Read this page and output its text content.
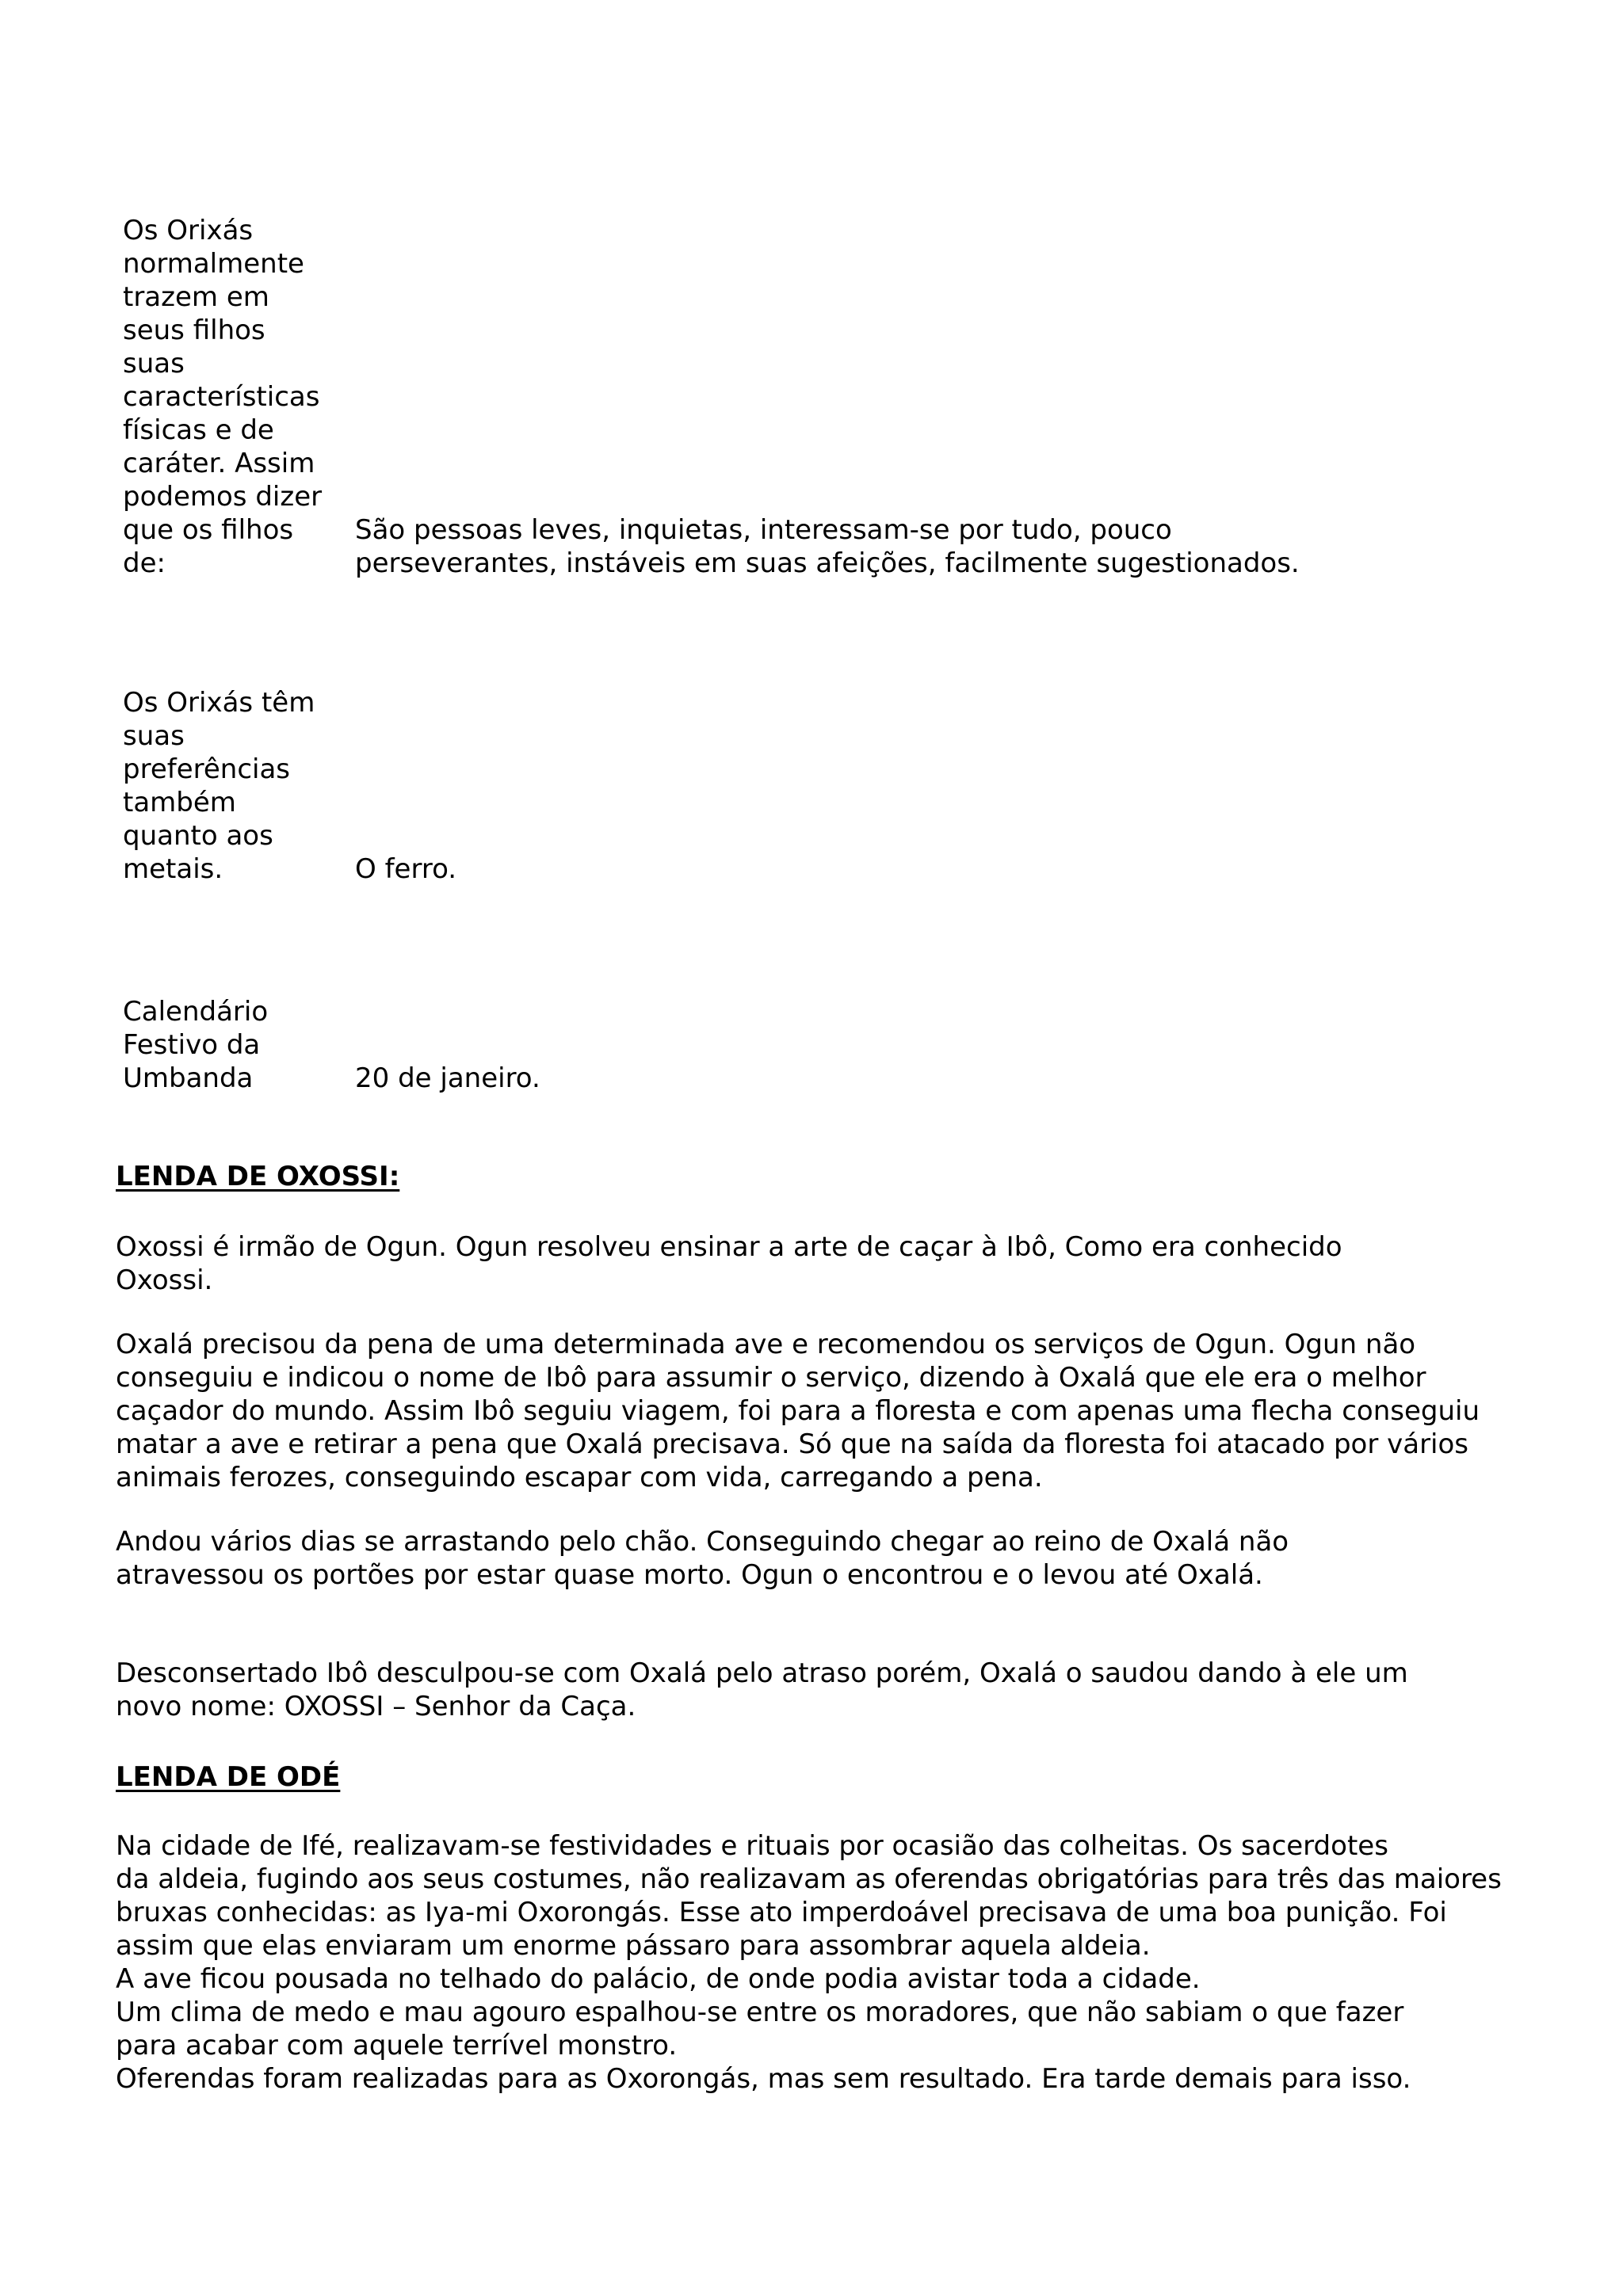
Os Orixás
normalmente
trazem em
seus filhos
suas
características
físicas e de
caráter. Assim
podemos dizer
que os filhos
de:
São pessoas leves, inquietas, interessam-se por tudo, pouco
perseverantes, instáveis em suas afeições, facilmente sugestionados.
Os Orixás têm
suas
preferências
também
quanto aos
metais.	O ferro.
Calendário
Festivo da
Umbanda	20 de janeiro.
LENDA DE OXOSSI:
Oxossi é irmão de Ogun. Ogun resolveu ensinar a arte de caçar à Ibô, Como era conhecido
Oxossi.
Oxalá precisou da pena de uma determinada ave e recomendou os serviços de Ogun. Ogun não
conseguiu e indicou o nome de Ibô para assumir o serviço, dizendo à Oxalá que ele era o melhor
caçador do mundo. Assim Ibô seguiu viagem, foi para a floresta e com apenas uma flecha conseguiu
matar a ave e retirar a pena que Oxalá precisava. Só que na saída da floresta foi atacado por vários
animais ferozes, conseguindo escapar com vida, carregando a pena.
Andou vários dias se arrastando pelo chão. Conseguindo chegar ao reino de Oxalá não
atravessou os portões por estar quase morto. Ogun o encontrou e o levou até Oxalá.
Desconsertado Ibô desculpou-se com Oxalá pelo atraso porém, Oxalá o saudou dando à ele um
novo nome: OXOSSI – Senhor da Caça.
LENDA DE ODÉ
Na cidade de Ifé, realizavam-se festividades e rituais por ocasião das colheitas. Os sacerdotes
da aldeia, fugindo aos seus costumes, não realizavam as oferendas obrigatórias para três das maiores
bruxas conhecidas: as Iya-mi Oxorongás. Esse ato imperdoável precisava de uma boa punição. Foi
assim que elas enviaram um enorme pássaro para assombrar aquela aldeia.
A ave ficou pousada no telhado do palácio, de onde podia avistar toda a cidade.
Um clima de medo e mau agouro espalhou-se entre os moradores, que não sabiam o que fazer
para acabar com aquele terrível monstro.
Oferendas foram realizadas para as Oxorongás, mas sem resultado. Era tarde demais para isso.
